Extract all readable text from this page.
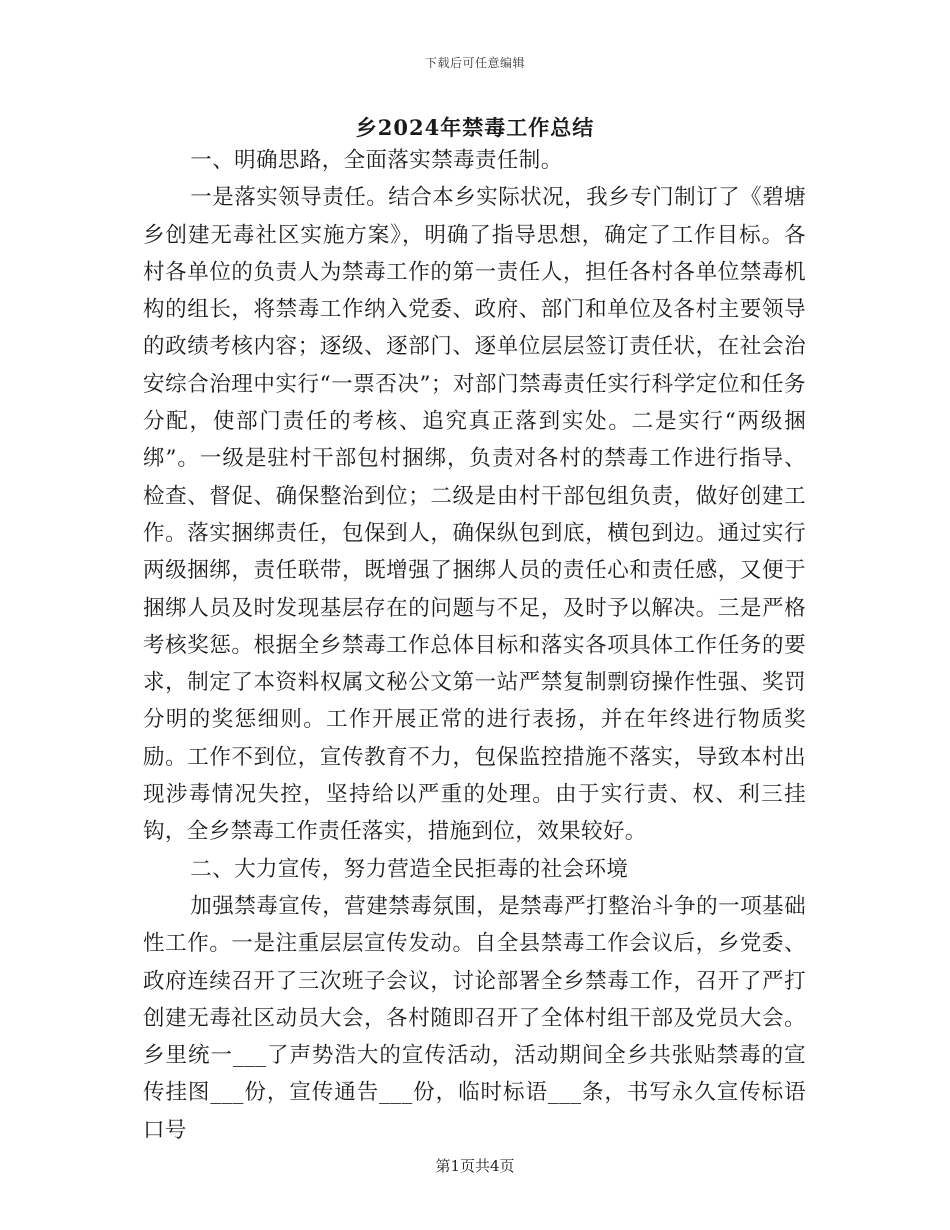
下载后可任意编辑
乡2024年禁毒工作总结

一、明确思路，全面落实禁毒责任制。

一是落实领导责任。结合本乡实际状况，我乡专门制订了《碧塘乡创建无毒社区实施方案》，明确了指导思想，确定了工作目标。各村各单位的负责人为禁毒工作的第一责任人，担任各村各单位禁毒机构的组长，将禁毒工作纳入党委、政府、部门和单位及各村主要领导的政绩考核内容；逐级、逐部门、逐单位层层签订责任状，在社会治安综合治理中实行“一票否决”；对部门禁毒责任实行科学定位和任务分配，使部门责任的考核、追究真正落到实处。二是实行“两级捆绑”。一级是驻村干部包村捆绑，负责对各村的禁毒工作进行指导、检查、督促、确保整治到位；二级是由村干部包组负责，做好创建工作。落实捆绑责任，包保到人，确保纵包到底，横包到边。通过实行两级捆绑，责任联带，既增强了捆绑人员的责任心和责任感，又便于捆绑人员及时发现基层存在的问题与不足，及时予以解决。三是严格考核奖惩。根据全乡禁毒工作总体目标和落实各项具体工作任务的要求，制定了本资料权属文秘公文第一站严禁复制剽窃操作性强、奖罚分明的奖惩细则。工作开展正常的进行表扬，并在年终进行物质奖励。工作不到位，宣传教育不力，包保监控措施不落实，导致本村出现涉毒情况失控，坚持给以严重的处理。由于实行责、权、利三挂钩，全乡禁毒工作责任落实，措施到位，效果较好。

二、大力宣传，努力营造全民拒毒的社会环境

加强禁毒宣传，营建禁毒氛围，是禁毒严打整治斗争的一项基础性工作。一是注重层层宣传发动。自全县禁毒工作会议后，乡党委、政府连续召开了三次班子会议，讨论部署全乡禁毒工作，召开了严打创建无毒社区动员大会，各村随即召开了全体村组干部及党员大会。乡里统一___了声势浩大的宣传活动，活动期间全乡共张贴禁毒的宣传挂图___份，宣传通告___份，临时标语___条，书写永久宣传标语口号

第1页共4页
